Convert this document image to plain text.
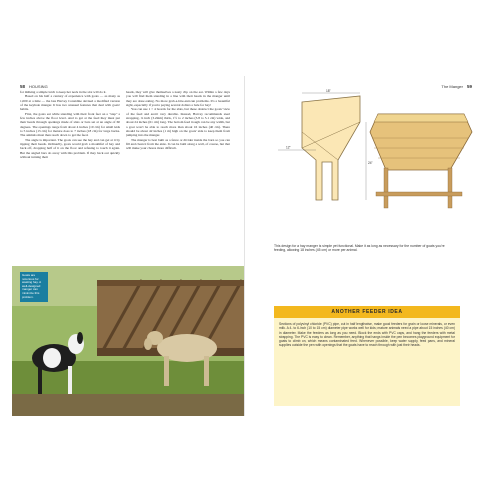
58 HOUSING

for milking a simple latch to keep her neck in the slot will do it.

Based on his half a century of experience with goats — as many as 1,000 at a time — the late Harvey Considine devised a modified version of the keyhole manger. It has two unusual features that deal with goats' habits.

First, the goats eat while standing with their front feet on a "step" a few inches above the floor level. And to get at the feed they must put their heads through openings made of slats or bars set at an angle of 60 degrees. The openings range from about 4 inches (10 cm) for small kids to 5 inches (13 cm) for mature does to 7 inches (18 cm) for large bucks. The animals must then reach down to get the feed.

The angle is important. The goats can see the hay and can get at it by tipping their heads. Ordinarily, goats would grab a mouthful of hay and back off, dropping half of it on the floor and refusing to touch it again. But the angled bars do away with this problem. If they back out quickly without turning their

heads, they will give themselves a nasty clip on the ear. Within a few days you will find them standing in a line with their heads in the manger until they are done eating. No more grab-a-bite-and-run problems. It's a beautiful sight, especially if you're paying several dollars a bale for hay!

You can use 1 × 4 boards for the slats, but these obstruct the goats' view of the feed and aren't very durable. Instead, Harvey recommends steel strapping, ⅛ inch (3.2mm) thick, 1½ to 2 inches (3.8 to 5.1 cm) wide, and about 24 inches (61 cm) long. The bottom feed trough can be any width, but a goat won't be able to reach more than about 16 inches (40 cm). There should be about 42 inches (1 m) high on the goats' side to keep them from jumping into the manger.

The manger is best built as a fence or divider inside the barn so you can fill and clean it from the aisle. It can be built along a wall, of course, but that will make your chores more difficult.

Goats are notorious for wasting hay. A well-designed manger can minimize this problem.
The Manger 59
18"
12"
24"
This design for a hay manger is simple yet functional. Make it as long as necessary for the number of goats you're feeding, allowing 18 inches (45 cm) or more per animal.
ANOTHER FEEDER IDEA
Sections of polyvinyl chloride (PVC) pipe, cut in half lengthwise, make good feeders for grain or loose minerals, or even milk. A 4- to 6-inch (10 to 15 cm) diameter pipe works well for kids; mature animals need a pipe about 15 inches (40 cm) in diameter. Make the feeders as long as you need. Block the ends with PVC caps, and hang the feeders with metal strapping. The PVC is easy to clean. Remember, anything that hangs inside the pen becomes playground equipment for goats to climb on, which means contaminated feed. Whenever possible, keep water supply, feed pans, and mineral supplies outside the pen with openings that the goats have to reach through with just their heads.
